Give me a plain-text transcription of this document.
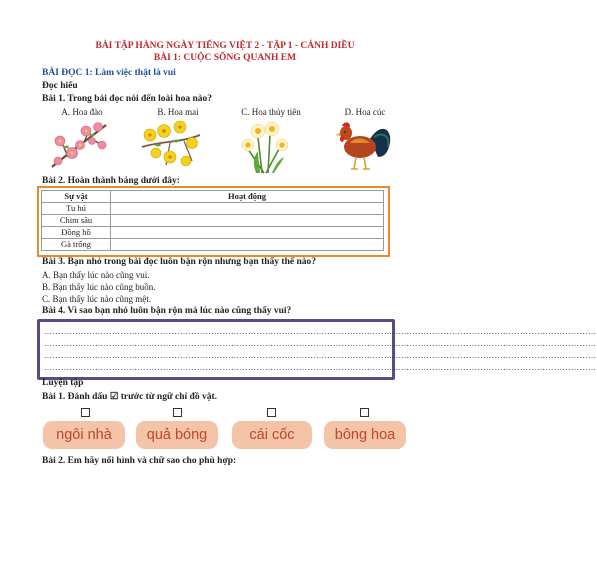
BÀI TẬP HÀNG NGÀY TIẾNG VIỆT 2 - TẬP 1 - CÁNH DIỀU
BÀI 1: CUỘC SỐNG QUANH EM
BÀI ĐỌC 1: Làm việc thật là vui
Đọc hiểu
Bài 1. Trong bài đọc nói đến loài hoa nào?
A. Hoa đào	B. Hoa mai	C. Hoa thủy tiên	D. Hoa cúc
Bài 2. Hoàn thành bảng dưới đây:
Sự vật	Hoạt động
Tu hú	
Chim sâu	
Đồng hồ	
Gà trống	
Bài 3. Bạn nhỏ trong bài đọc luôn bận rộn nhưng bạn thấy thế nào?
A. Bạn thấy lúc nào cũng vui.
B. Bạn thấy lúc nào cũng buồn.
C. Bạn thấy lúc nào cũng mệt.
Bài 4. Vì sao bạn nhỏ luôn bận rộn mà lúc nào cũng thấy vui?
……………………………………………………………………………………………………………………………………………………………………………
……………………………………………………………………………………………………………………………………………………………………………
……………………………………………………………………………………………………………………………………………………………………………
……………………………………………………………………………………………………………………………………………………………………………
Luyện tập
Bài 1. Đánh dấu ☑ trước từ ngữ chỉ đồ vật.
ngôi nhà	quả bóng	cái cốc	bông hoa
Bài 2. Em hãy nối hình và chữ sao cho phù hợp:
